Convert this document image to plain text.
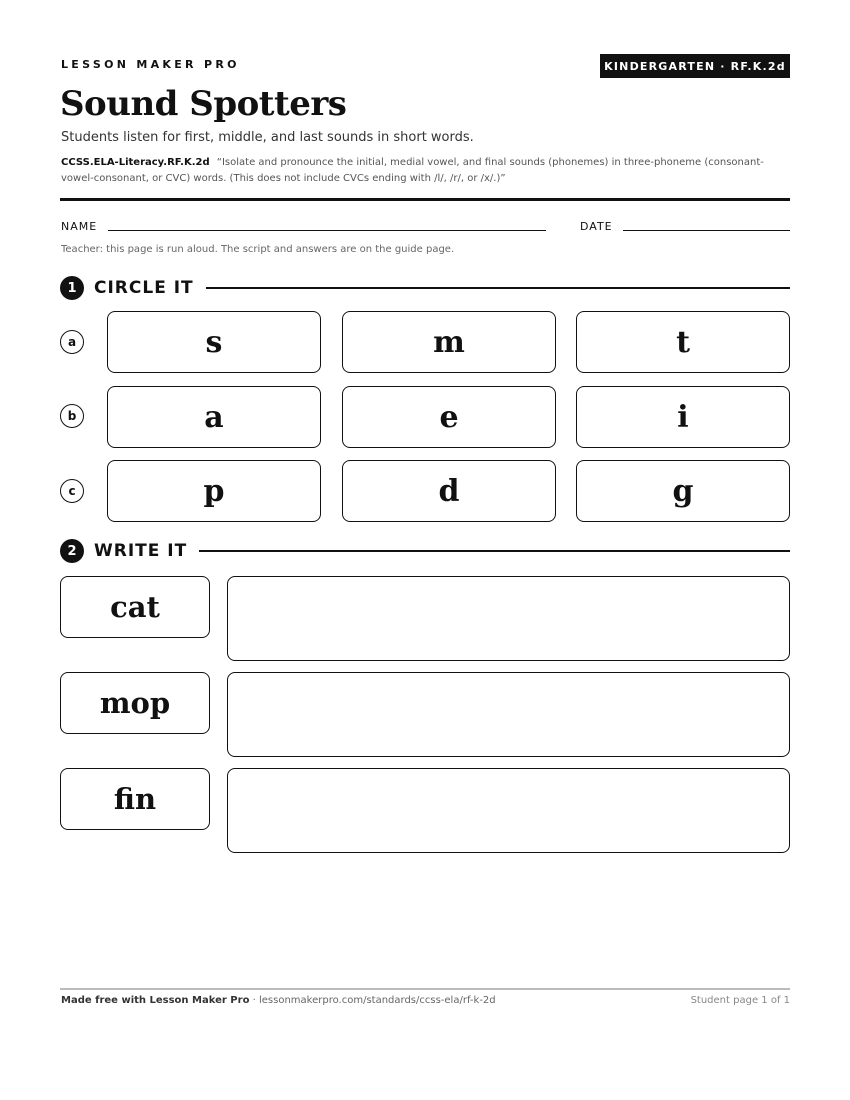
LESSON MAKER PRO	KINDERGARTEN · RF.K.2d
Sound Spotters
Students listen for first, middle, and last sounds in short words.
CCSS.ELA-Literacy.RF.K.2d “Isolate and pronounce the initial, medial vowel, and final sounds (phonemes) in three-phoneme (consonant-vowel-consonant, or CVC) words. (This does not include CVCs ending with /l/, /r/, or /x/.)”
NAME	DATE
Teacher: this page is run aloud. The script and answers are on the guide page.
1	CIRCLE IT
a	s	m	t
b	a	e	i
c	p	d	g
2	WRITE IT
cat
mop
fin
Made free with Lesson Maker Pro · lessonmakerpro.com/standards/ccss-ela/rf-k-2d	Student page 1 of 1
